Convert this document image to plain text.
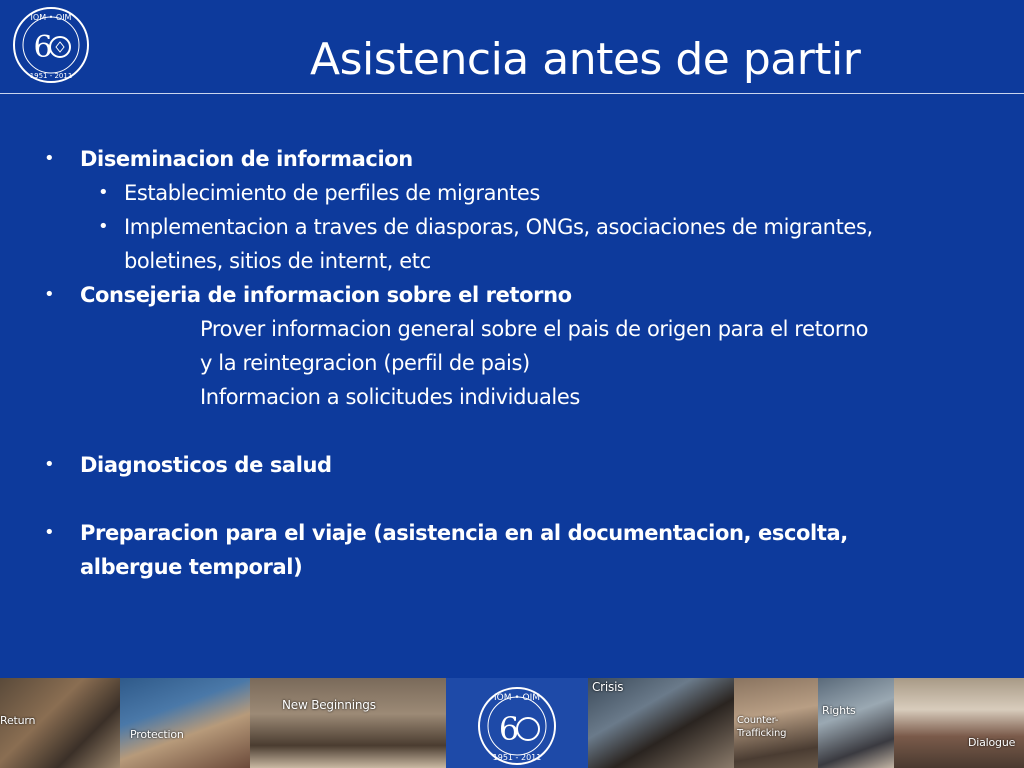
IOM • OIM
6
1951 - 2011	Asistencia antes de partir
• Diseminacion de informacion
• Establecimiento de perfiles de migrantes
• Implementacion a traves de diasporas, ONGs, asociaciones de migrantes,
boletines, sitios de internt, etc
• Consejeria de informacion sobre el retorno
Prover informacion general sobre el pais de origen para el retorno
y la reintegracion (perfil de pais)
Informacion a solicitudes individuales
• Diagnosticos de salud
• Preparacion para el viaje (asistencia en al documentacion, escolta,
albergue temporal)
Return
Protection
New Beginnings	IOM • OIM
6
1951 - 2011
Crisis
Counter-
Trafficking
Rights
Dialogue
